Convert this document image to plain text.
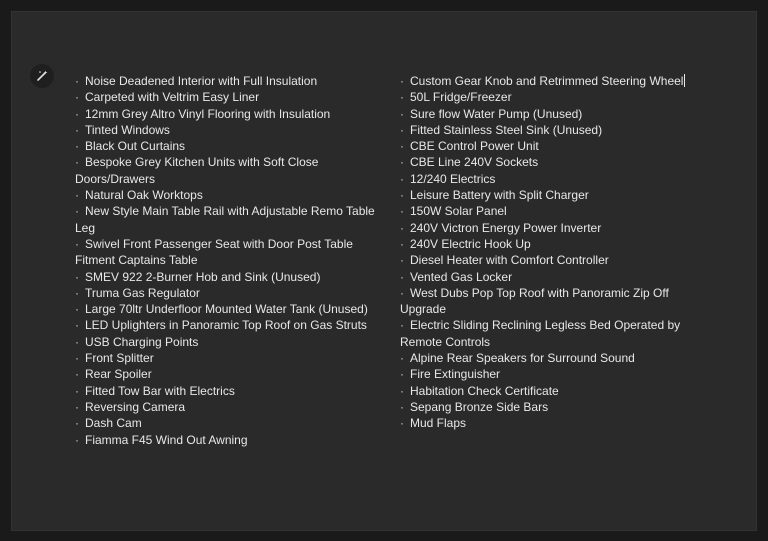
· Noise Deadened Interior with Full Insulation
· Carpeted with Veltrim Easy Liner
· 12mm Grey Altro Vinyl Flooring with Insulation
· Tinted Windows
· Black Out Curtains
· Bespoke Grey Kitchen Units with Soft Close Doors/Drawers
· Natural Oak Worktops
· New Style Main Table Rail with Adjustable Remo Table Leg
· Swivel Front Passenger Seat with Door Post Table Fitment Captains Table
· SMEV 922 2-Burner Hob and Sink (Unused)
· Truma Gas Regulator
· Large 70ltr Underfloor Mounted Water Tank (Unused)
· LED Uplighters in Panoramic Top Roof on Gas Struts
· USB Charging Points
· Front Splitter
· Rear Spoiler
· Fitted Tow Bar with Electrics
· Reversing Camera
· Dash Cam
· Fiamma F45 Wind Out Awning
· Custom Gear Knob and Retrimmed Steering Wheel
· 50L Fridge/Freezer
· Sure flow Water Pump (Unused)
· Fitted Stainless Steel Sink (Unused)
· CBE Control Power Unit
· CBE Line 240V Sockets
· 12/240 Electrics
· Leisure Battery with Split Charger
· 150W Solar Panel
· 240V Victron Energy Power Inverter
· 240V Electric Hook Up
· Diesel Heater with Comfort Controller
· Vented Gas Locker
· West Dubs Pop Top Roof with Panoramic Zip Off Upgrade
· Electric Sliding Reclining Legless Bed Operated by Remote Controls
· Alpine Rear Speakers for Surround Sound
· Fire Extinguisher
· Habitation Check Certificate
· Sepang Bronze Side Bars
· Mud Flaps
